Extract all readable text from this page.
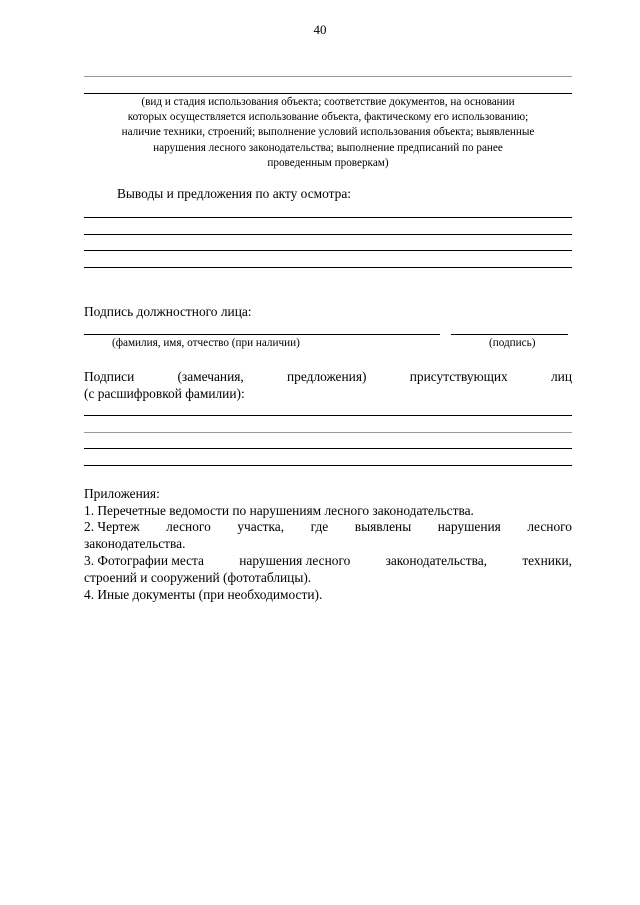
40
(вид и стадия использования объекта; соответствие документов, на основании
которых осуществляется использование объекта, фактическому его использованию;
наличие техники, строений; выполнение условий использования объекта; выявленные
нарушения лесного законодательства; выполнение предписаний по ранее
проведенным проверкам)
Выводы и предложения по акту осмотра:
Подпись должностного лица:
(фамилия, имя, отчество (при наличии)	(подпись)
Подписи	(замечания,	предложения)	присутствующих	лиц
(с расшифровкой фамилии):
Приложения:
1. Перечетные ведомости по нарушениям лесного законодательства.
2. Чертеж лесного участка, где выявлены нарушения лесного
законодательства.
3. Фотографии места	нарушения лесного	законодательства,	техники,
строений и сооружений (фототаблицы).
4. Иные документы (при необходимости).
